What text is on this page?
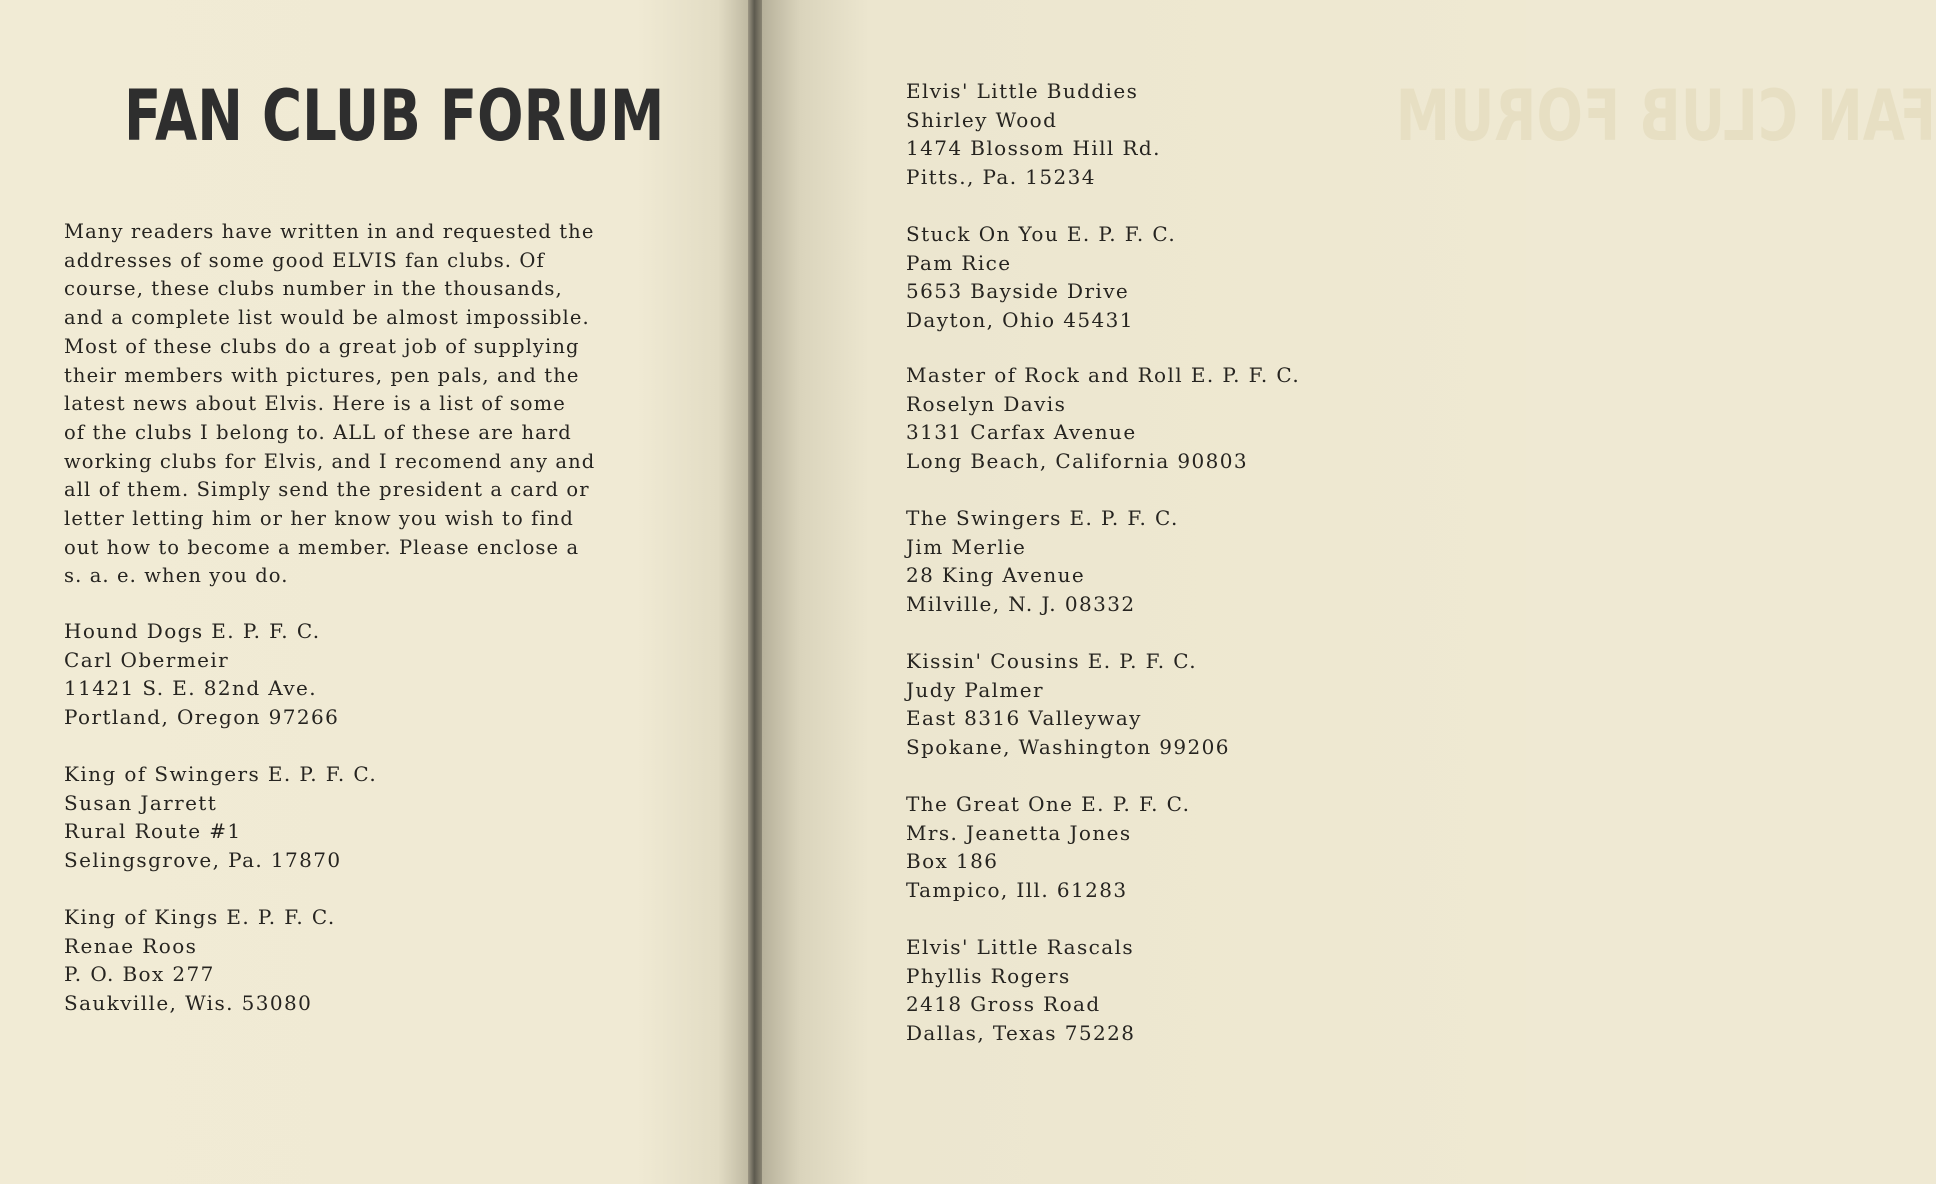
FAN CLUB FORUM

Many readers have written in and requested the
addresses of some good ELVIS fan clubs. Of
course, these clubs number in the thousands,
and a complete list would be almost impossible.
Most of these clubs do a great job of supplying
their members with pictures, pen pals, and the
latest news about Elvis. Here is a list of some
of the clubs I belong to. ALL of these are hard
working clubs for Elvis, and I recomend any and
all of them. Simply send the president a card or
letter letting him or her know you wish to find
out how to become a member. Please enclose a
s. a. e. when you do.

Hound Dogs E. P. F. C.
Carl Obermeir
11421 S. E. 82nd Ave.
Portland, Oregon 97266
King of Swingers E. P. F. C.
Susan Jarrett
Rural Route #1
Selingsgrove, Pa. 17870
King of Kings E. P. F. C.
Renae Roos
P. O. Box 277
Saukville, Wis. 53080
FAN CLUB FORUM
Elvis' Little Buddies
Shirley Wood
1474 Blossom Hill Rd.
Pitts., Pa. 15234
Stuck On You E. P. F. C.
Pam Rice
5653 Bayside Drive
Dayton, Ohio 45431
Master of Rock and Roll E. P. F. C.
Roselyn Davis
3131 Carfax Avenue
Long Beach, California 90803
The Swingers E. P. F. C.
Jim Merlie
28 King Avenue
Milville, N. J. 08332
Kissin' Cousins E. P. F. C.
Judy Palmer
East 8316 Valleyway
Spokane, Washington 99206
The Great One E. P. F. C.
Mrs. Jeanetta Jones
Box 186
Tampico, Ill. 61283
Elvis' Little Rascals
Phyllis Rogers
2418 Gross Road
Dallas, Texas 75228
